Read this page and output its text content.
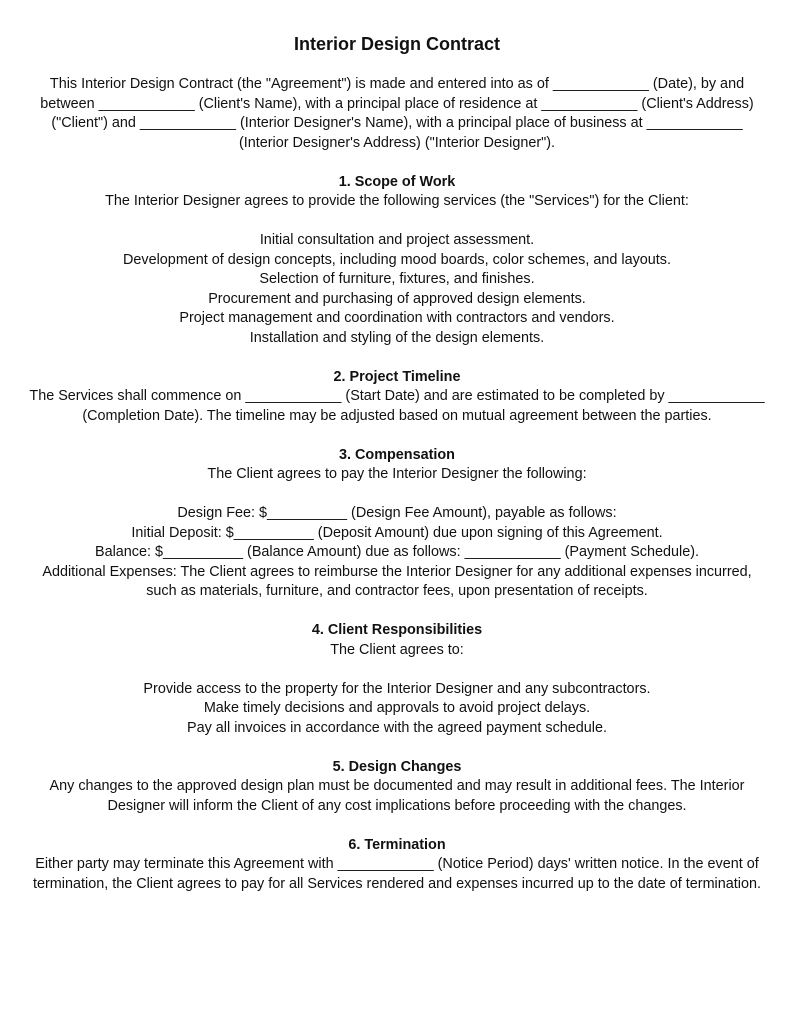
Interior Design Contract

This Interior Design Contract (the "Agreement") is made and entered into as of ____________ (Date), by and between ____________ (Client's Name), with a principal place of residence at ____________ (Client's Address) ("Client") and ____________ (Interior Designer's Name), with a principal place of business at ____________ (Interior Designer's Address) ("Interior Designer").

1. Scope of Work

The Interior Designer agrees to provide the following services (the "Services") for the Client:

Initial consultation and project assessment.
Development of design concepts, including mood boards, color schemes, and layouts.
Selection of furniture, fixtures, and finishes.
Procurement and purchasing of approved design elements.
Project management and coordination with contractors and vendors.
Installation and styling of the design elements.
2. Project Timeline

The Services shall commence on ____________ (Start Date) and are estimated to be completed by ____________ (Completion Date). The timeline may be adjusted based on mutual agreement between the parties.

3. Compensation

The Client agrees to pay the Interior Designer the following:

Design Fee: $__________ (Design Fee Amount), payable as follows:
Initial Deposit: $__________ (Deposit Amount) due upon signing of this Agreement.
Balance: $__________ (Balance Amount) due as follows: ____________ (Payment Schedule).
Additional Expenses: The Client agrees to reimburse the Interior Designer for any additional expenses incurred, such as materials, furniture, and contractor fees, upon presentation of receipts.
4. Client Responsibilities

The Client agrees to:

Provide access to the property for the Interior Designer and any subcontractors.
Make timely decisions and approvals to avoid project delays.
Pay all invoices in accordance with the agreed payment schedule.
5. Design Changes

Any changes to the approved design plan must be documented and may result in additional fees. The Interior Designer will inform the Client of any cost implications before proceeding with the changes.

6. Termination

Either party may terminate this Agreement with ____________ (Notice Period) days' written notice. In the event of termination, the Client agrees to pay for all Services rendered and expenses incurred up to the date of termination.
